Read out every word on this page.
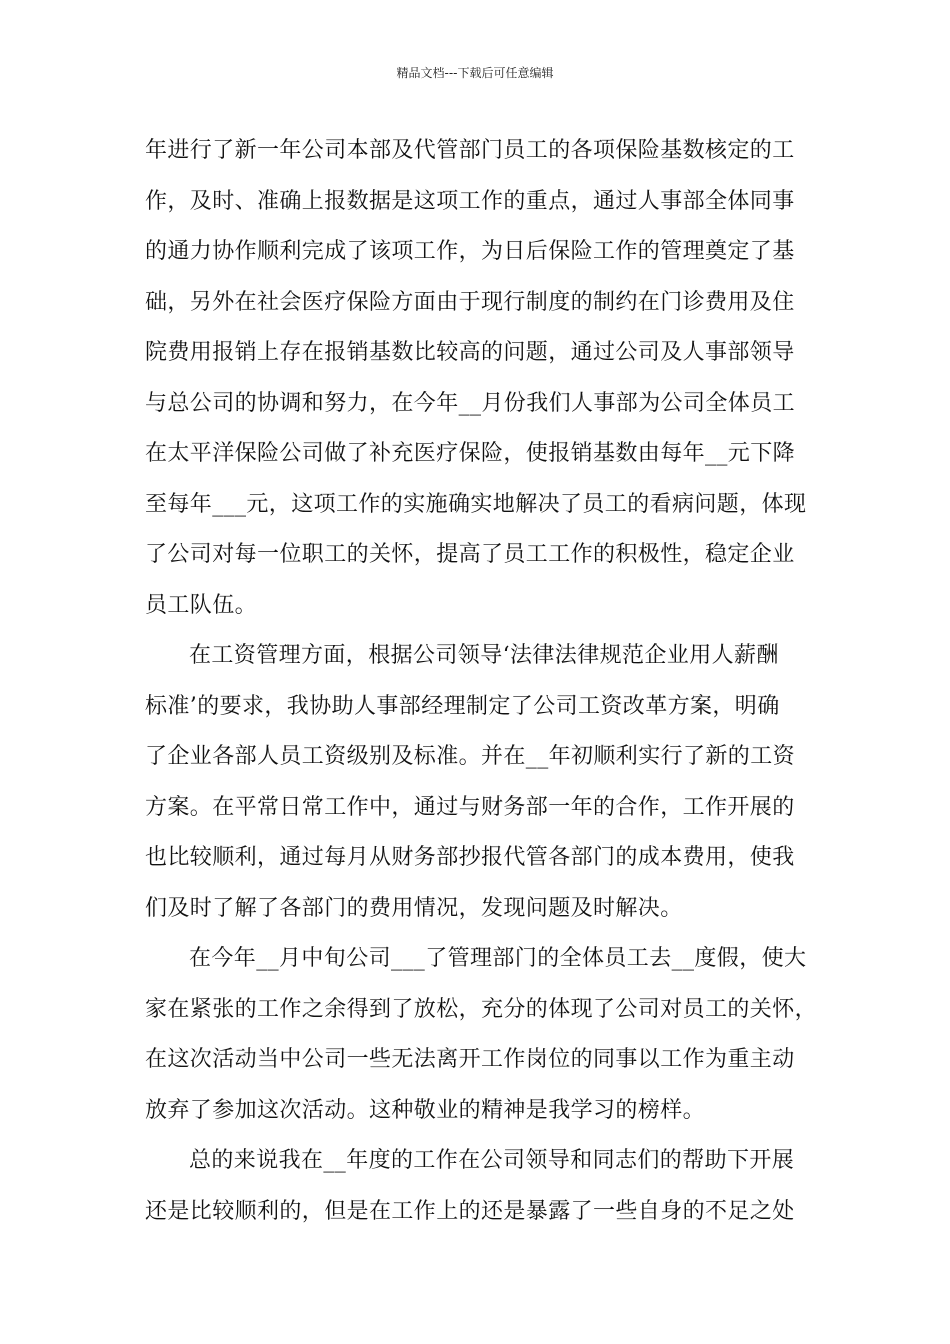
精品文档---下载后可任意编辑
年进行了新一年公司本部及代管部门员工的各项保险基数核定的工
作，及时、准确上报数据是这项工作的重点，通过人事部全体同事
的通力协作顺利完成了该项工作，为日后保险工作的管理奠定了基
础，另外在社会医疗保险方面由于现行制度的制约在门诊费用及住
院费用报销上存在报销基数比较高的问题，通过公司及人事部领导
与总公司的协调和努力，在今年__月份我们人事部为公司全体员工
在太平洋保险公司做了补充医疗保险，使报销基数由每年__元下降
至每年___元，这项工作的实施确实地解决了员工的看病问题，体现
了公司对每一位职工的关怀，提高了员工工作的积极性，稳定企业
员工队伍。
在工资管理方面，根据公司领导‘法律法律规范企业用人薪酬
标准’的要求，我协助人事部经理制定了公司工资改革方案，明确
了企业各部人员工资级别及标准。并在__年初顺利实行了新的工资
方案。在平常日常工作中，通过与财务部一年的合作，工作开展的
也比较顺利，通过每月从财务部抄报代管各部门的成本费用，使我
们及时了解了各部门的费用情况，发现问题及时解决。
在今年__月中旬公司___了管理部门的全体员工去__度假，使大
家在紧张的工作之余得到了放松，充分的体现了公司对员工的关怀，
在这次活动当中公司一些无法离开工作岗位的同事以工作为重主动
放弃了参加这次活动。这种敬业的精神是我学习的榜样。
总的来说我在__年度的工作在公司领导和同志们的帮助下开展
还是比较顺利的，但是在工作上的还是暴露了一些自身的不足之处
